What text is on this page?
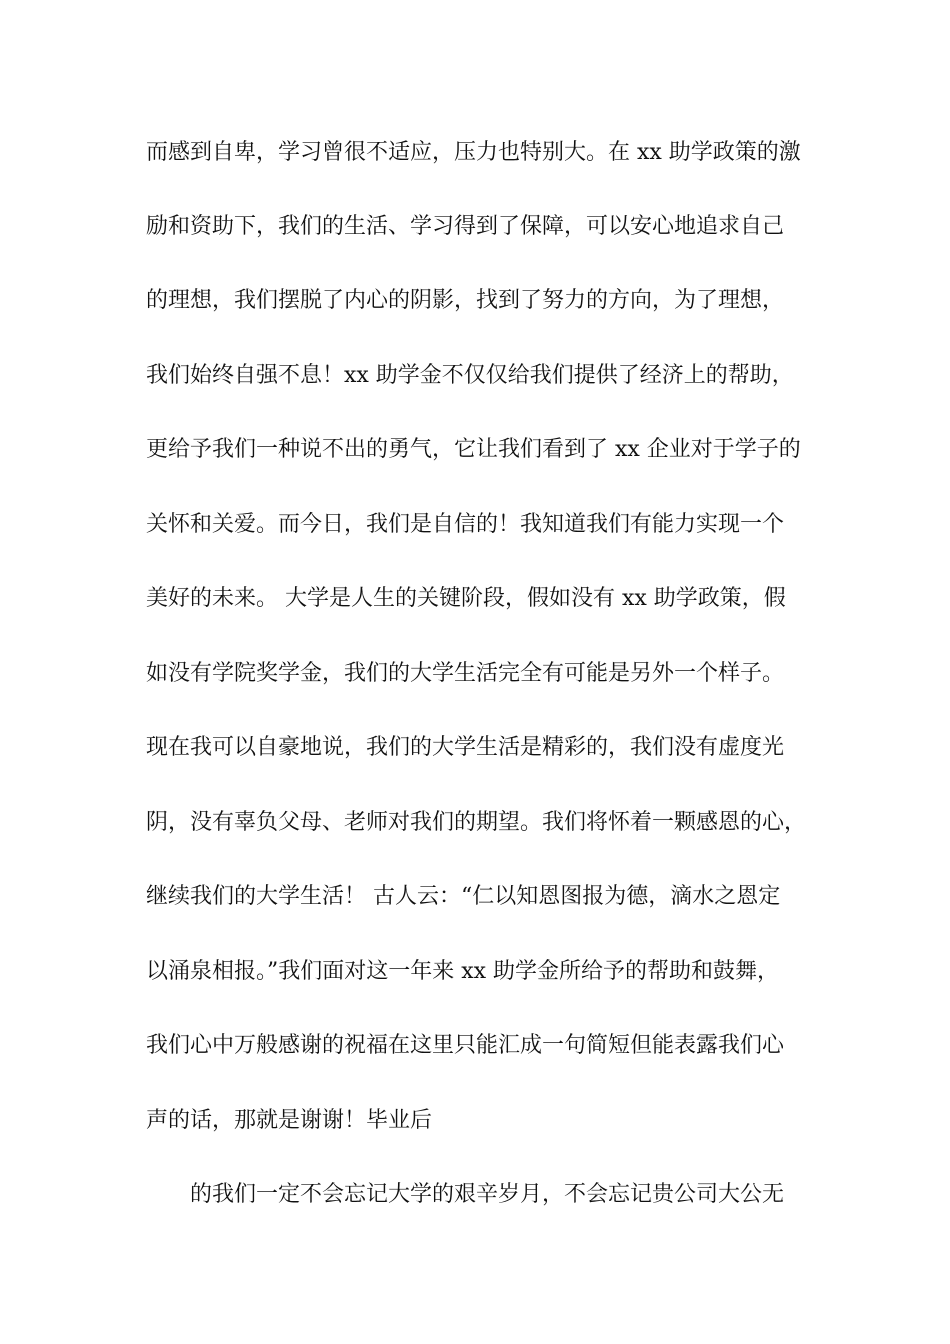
而感到自卑，学习曾很不适应，压力也特别大。在 xx 助学政策的激
励和资助下，我们的生活、学习得到了保障，可以安心地追求自己
的理想，我们摆脱了内心的阴影，找到了努力的方向，为了理想，
我们始终自强不息！xx 助学金不仅仅给我们提供了经济上的帮助，
更给予我们一种说不出的勇气，它让我们看到了 xx 企业对于学子的
关怀和关爱。而今日，我们是自信的！我知道我们有能力实现一个
美好的未来。 大学是人生的关键阶段，假如没有 xx 助学政策，假
如没有学院奖学金，我们的大学生活完全有可能是另外一个样子。
现在我可以自豪地说，我们的大学生活是精彩的，我们没有虚度光
阴，没有辜负父母、老师对我们的期望。我们将怀着一颗感恩的心，
继续我们的大学生活！ 古人云：“仁以知恩图报为德，滴水之恩定
以涌泉相报。”我们面对这一年来 xx 助学金所给予的帮助和鼓舞，
我们心中万般感谢的祝福在这里只能汇成一句简短但能表露我们心
声的话，那就是谢谢！毕业后
的我们一定不会忘记大学的艰辛岁月，不会忘记贵公司大公无
